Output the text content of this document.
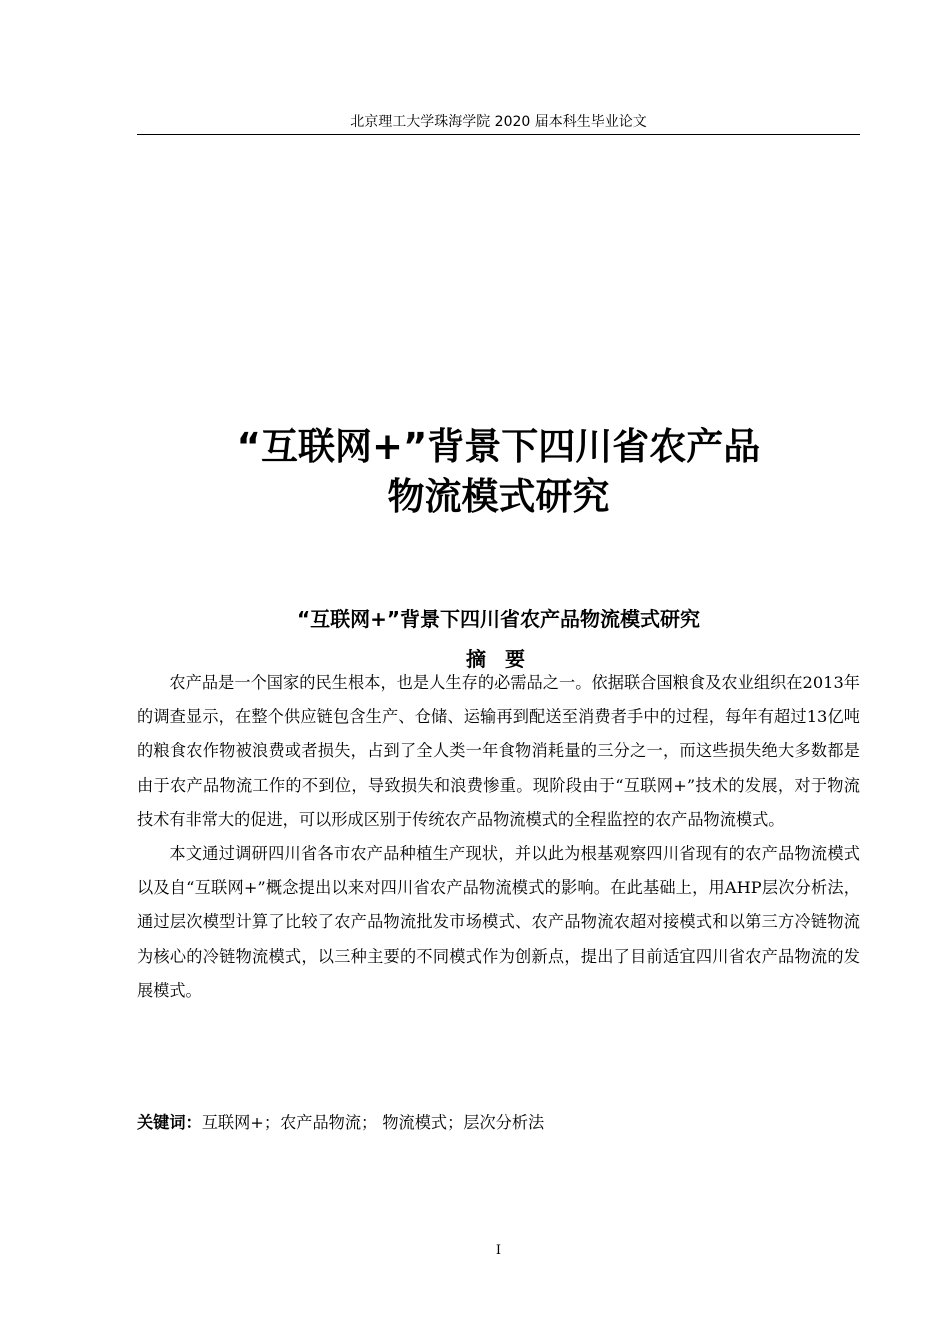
北京理工大学珠海学院 2020 届本科生毕业论文
“互联网+”背景下四川省农产品
物流模式研究
“互联网+”背景下四川省农产品物流模式研究
摘 要

农产品是一个国家的民生根本，也是人生存的必需品之一。依据联合国粮食及农业组织在2013年的调查显示，在整个供应链包含生产、仓储、运输再到配送至消费者手中的过程，每年有超过13亿吨的粮食农作物被浪费或者损失，占到了全人类一年食物消耗量的三分之一，而这些损失绝大多数都是由于农产品物流工作的不到位，导致损失和浪费惨重。现阶段由于“互联网+”技术的发展，对于物流技术有非常大的促进，可以形成区别于传统农产品物流模式的全程监控的农产品物流模式。

本文通过调研四川省各市农产品种植生产现状，并以此为根基观察四川省现有的农产品物流模式以及自“互联网+”概念提出以来对四川省农产品物流模式的影响。在此基础上，用AHP层次分析法，通过层次模型计算了比较了农产品物流批发市场模式、农产品物流农超对接模式和以第三方冷链物流为核心的冷链物流模式，以三种主要的不同模式作为创新点，提出了目前适宜四川省农产品物流的发展模式。

关键词：互联网+；农产品物流； 物流模式；层次分析法
I
